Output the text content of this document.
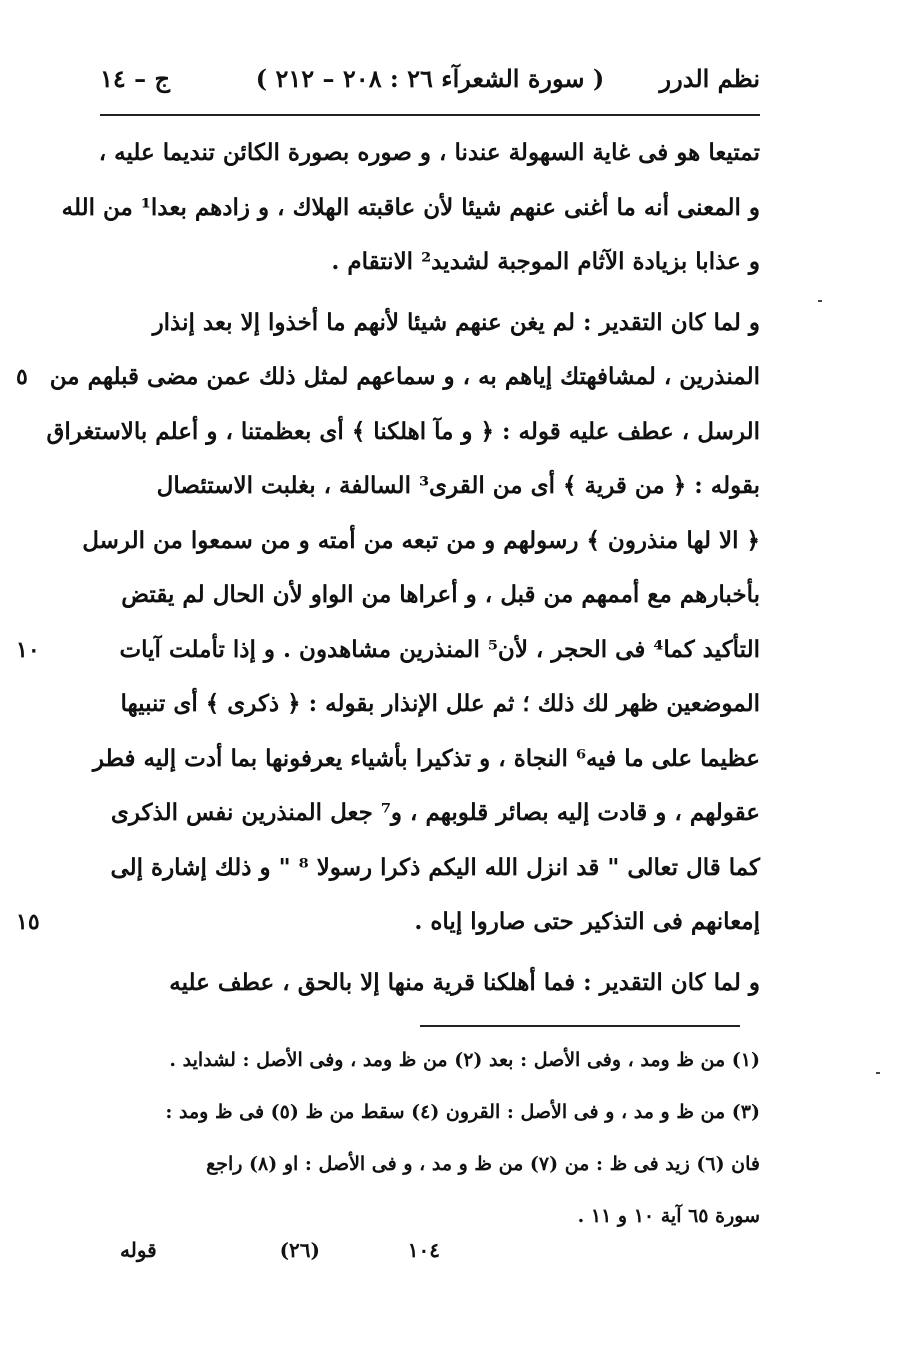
نظم الدرر
( سورة الشعرآء ٢٦ : ٢٠٨ – ٢١٢ )
ج – ١٤
تمتيعا هو فى غاية السهولة عندنا ، و صوره بصورة الكائن تنديما عليه ،
و المعنى أنه ما أغنى عنهم شيئا لأن عاقبته الهلاك ، و زادهم بعدا¹ من الله
و عذابا بزيادة الآثام الموجبة لشديد² الانتقام .
و لما كان التقدير : لم يغن عنهم شيئا لأنهم ما أخذوا إلا بعد إنذار
المنذرين ، لمشافهتك إياهم به ، و سماعهم لمثل ذلك عمن مضى قبلهم من
٥
الرسل ، عطف عليه قوله : ﴿ و مآ اهلكنا ﴾ أى بعظمتنا ، و أعلم بالاستغراق
بقوله : ﴿ من قرية ﴾ أى من القرى³ السالفة ، بغلبت الاستئصال
﴿ الا لها منذرون ﴾ رسولهم و من تبعه من أمته و من سمعوا من الرسل
بأخبارهم مع أممهم من قبل ، و أعراها من الواو لأن الحال لم يقتض
التأكيد كما⁴ فى الحجر ، لأن⁵ المنذرين مشاهدون . و إذا تأملت آيات
١٠
الموضعين ظهر لك ذلك ؛ ثم علل الإنذار بقوله : ﴿ ذكرى ﴾ أى تنبيها
عظيما على ما فيه⁶ النجاة ، و تذكيرا بأشياء يعرفونها بما أدت إليه فطر
عقولهم ، و قادت إليه بصائر قلوبهم ، و⁷ جعل المنذرين نفس الذكرى
كما قال تعالى " قد انزل الله اليكم ذكرا رسولا ⁸ " و ذلك إشارة إلى
إمعانهم فى التذكير حتى صاروا إياه .
١٥
و لما كان التقدير : فما أهلكنا قرية منها إلا بالحق ، عطف عليه
(١) من ظ ومد ، وفى الأصل : بعد (٢) من ظ ومد ، وفى الأصل : لشدايد .
(٣) من ظ و مد ، و فى الأصل : القرون (٤) سقط من ظ (٥) فى ظ ومد :
فان (٦) زيد فى ظ : من (٧) من ظ و مد ، و فى الأصل : او (٨) راجع
سورة ٦٥ آية ١٠ و ١١ .
١٠٤
(٢٦)
قوله
